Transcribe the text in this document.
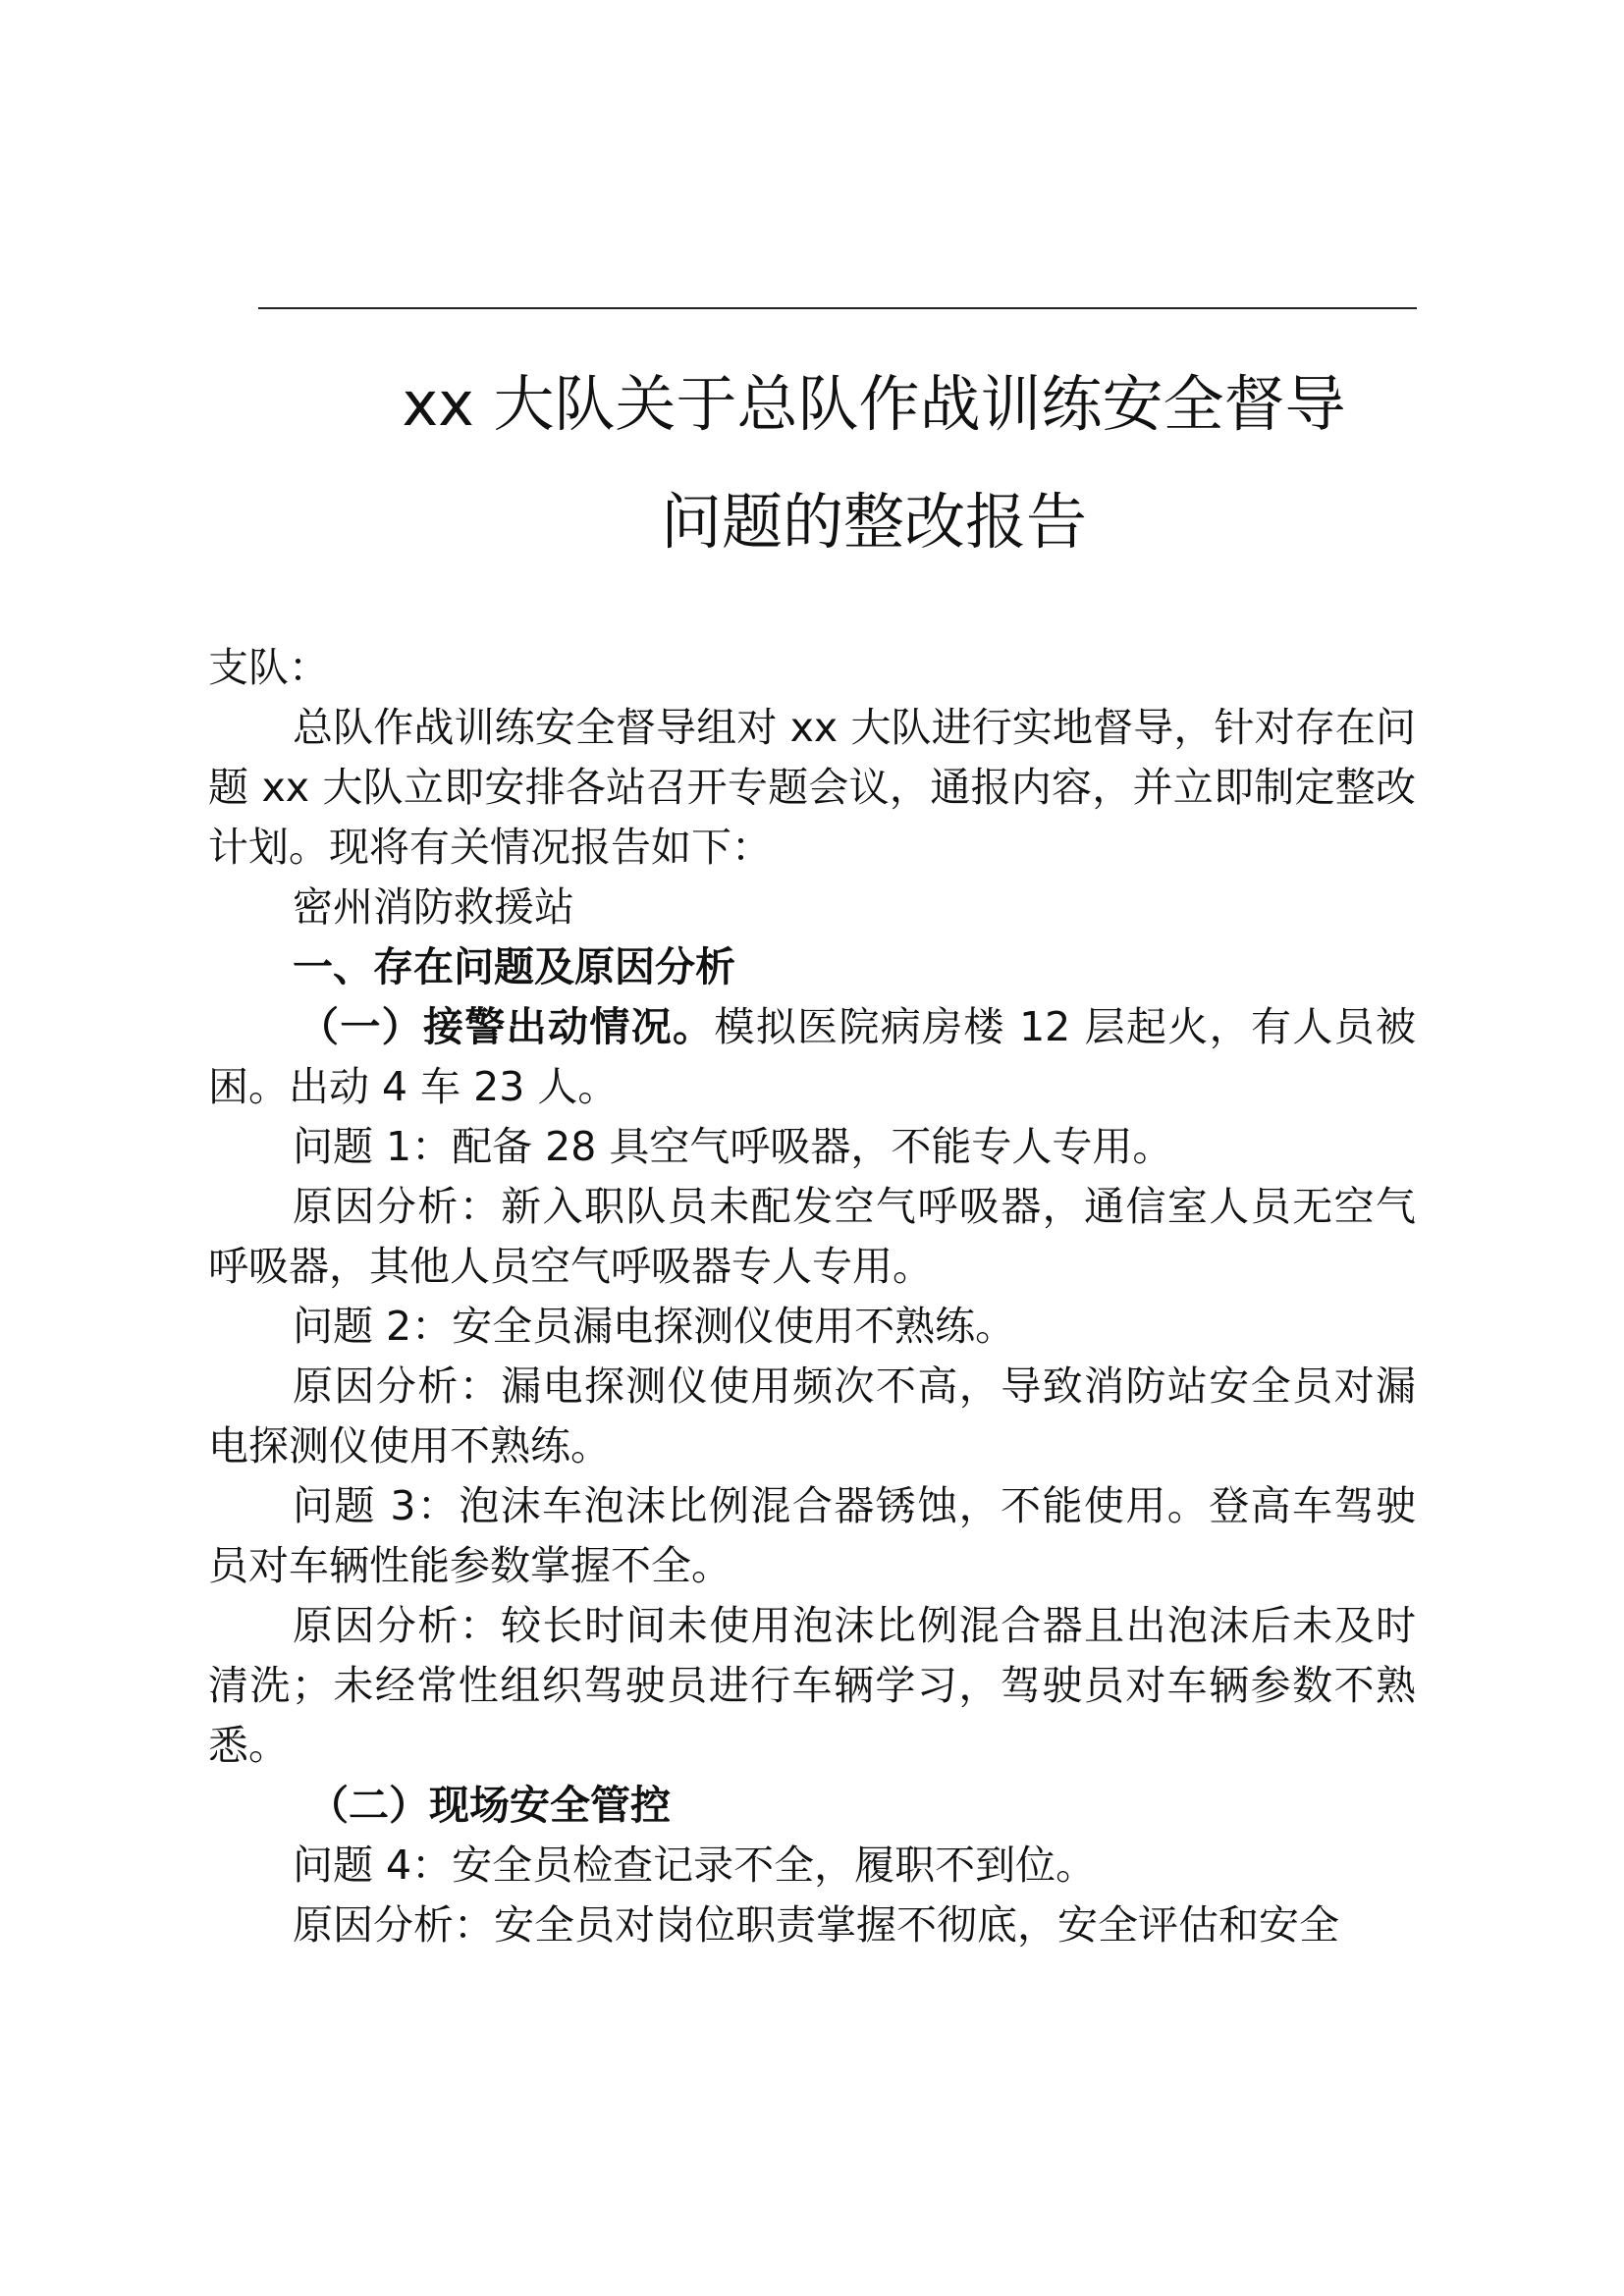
xx 大队关于总队作战训练安全督导
问题的整改报告

支队：

总队作战训练安全督导组对 xx 大队进行实地督导，针对存在问题 xx 大队立即安排各站召开专题会议，通报内容，并立即制定整改计划。现将有关情况报告如下：

密州消防救援站

一、存在问题及原因分析

（一）接警出动情况。模拟医院病房楼 12 层起火，有人员被困。出动 4 车 23 人。

问题 1：配备 28 具空气呼吸器，不能专人专用。

原因分析：新入职队员未配发空气呼吸器，通信室人员无空气呼吸器，其他人员空气呼吸器专人专用。

问题 2：安全员漏电探测仪使用不熟练。

原因分析：漏电探测仪使用频次不高，导致消防站安全员对漏电探测仪使用不熟练。

问题 3：泡沫车泡沫比例混合器锈蚀，不能使用。登高车驾驶员对车辆性能参数掌握不全。

原因分析：较长时间未使用泡沫比例混合器且出泡沫后未及时清洗；未经常性组织驾驶员进行车辆学习，驾驶员对车辆参数不熟悉。

（二）现场安全管控

问题 4：安全员检查记录不全，履职不到位。

原因分析：安全员对岗位职责掌握不彻底，安全评估和安全
